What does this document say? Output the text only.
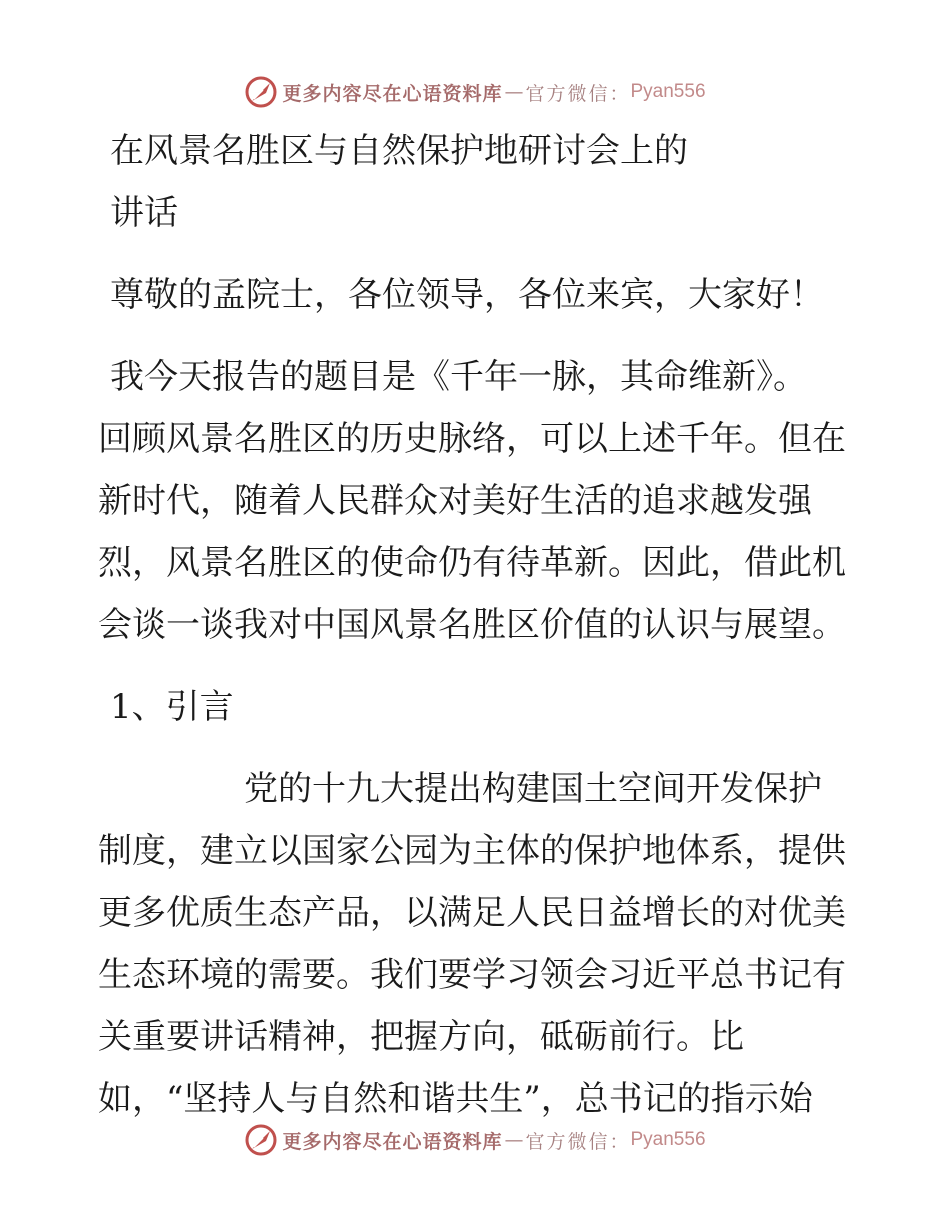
更多内容尽在心语资料库 — 官方微信： Pyan556
在风景名胜区与自然保护地研讨会上的
讲话
尊敬的孟院士，各位领导，各位来宾，大家好！
我今天报告的题目是《千年一脉，其命维新》。
回顾风景名胜区的历史脉络，可以上述千年。但在
新时代，随着人民群众对美好生活的追求越发强
烈，风景名胜区的使命仍有待革新。因此，借此机
会谈一谈我对中国风景名胜区价值的认识与展望。
1、引言
党的十九大提出构建国土空间开发保护
制度，建立以国家公园为主体的保护地体系，提供
更多优质生态产品，以满足人民日益增长的对优美
生态环境的需要。我们要学习领会习近平总书记有
关重要讲话精神，把握方向，砥砺前行。比
如，“坚持人与自然和谐共生”，总书记的指示始
更多内容尽在心语资料库 — 官方微信： Pyan556
